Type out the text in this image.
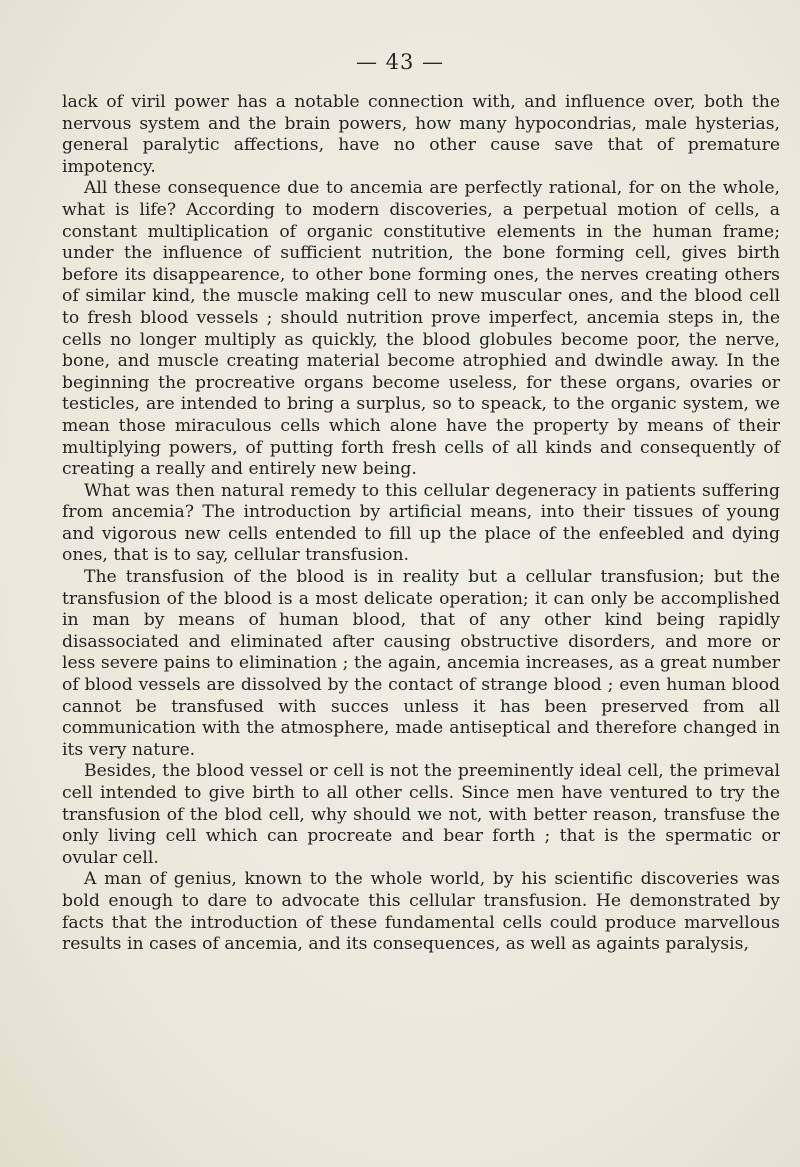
— 43 —

lack of viril power has a notable connection with, and influence over, both the nervous system and the brain powers, how many hypocondrias, male hysterias, general paralytic affections, have no other cause save that of premature impotency.

All these consequence due to ancemia are perfectly rational, for on the whole, what is life? According to modern discoveries, a perpetual motion of cells, a constant multiplication of organic constitutive elements in the human frame; under the influence of sufficient nutrition, the bone forming cell, gives birth before its disappearence, to other bone forming ones, the nerves creating others of similar kind, the muscle making cell to new muscular ones, and the blood cell to fresh blood vessels ; should nutrition prove imperfect, ancemia steps in, the cells no longer multiply as quickly, the blood globules become poor, the nerve, bone, and muscle creating material become atrophied and dwindle away. In the beginning the procreative organs become useless, for these organs, ovaries or testicles, are intended to bring a surplus, so to speack, to the organic system, we mean those miraculous cells which alone have the property by means of their multiplying powers, of putting forth fresh cells of all kinds and consequently of creating a really and entirely new being.

What was then natural remedy to this cellular degeneracy in patients suffering from ancemia? The introduction by artificial means, into their tissues of young and vigorous new cells entended to fill up the place of the enfeebled and dying ones, that is to say, cellular transfusion.

The transfusion of the blood is in reality but a cellular transfusion; but the transfusion of the blood is a most delicate operation; it can only be accomplished in man by means of human blood, that of any other kind being rapidly disassociated and eliminated after causing obstructive disorders, and more or less severe pains to elimination ; the again, ancemia increases, as a great number of blood vessels are dissolved by the contact of strange blood ; even human blood cannot be transfused with succes unless it has been preserved from all communication with the atmosphere, made antiseptical and therefore changed in its very nature.

Besides, the blood vessel or cell is not the preeminently ideal cell, the primeval cell intended to give birth to all other cells. Since men have ventured to try the transfusion of the blod cell, why should we not, with better reason, transfuse the only living cell which can procreate and bear forth ; that is the spermatic or ovular cell.

A man of genius, known to the whole world, by his scientific discoveries was bold enough to dare to advocate this cellular transfusion. He demonstrated by facts that the introduction of these fundamental cells could produce marvellous results in cases of ancemia, and its consequences, as well as againts paralysis,
